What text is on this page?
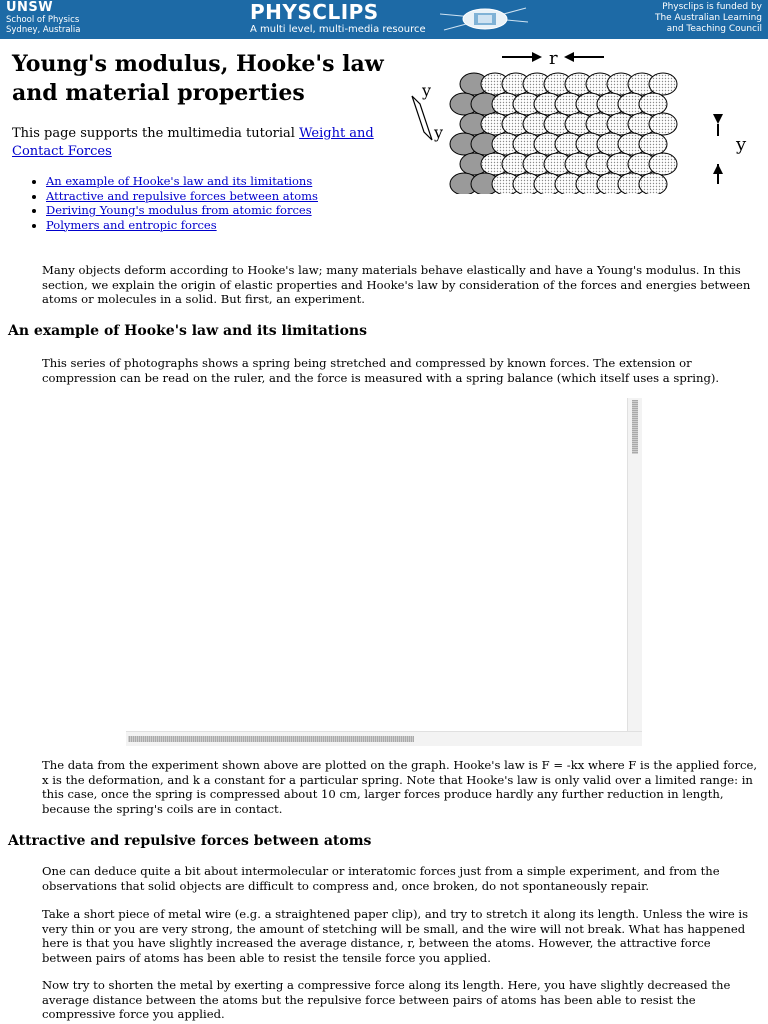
UNSW
School of Physics
Sydney, Australia
PHYSCLIPS
A multi level, multi-media resource
Physclips is funded by
The Australian Learning
and Teaching Council
Young's modulus, Hooke's law and material properties

This page supports the multimedia tutorial Weight and Contact Forces

• An example of Hooke's law and its limitations
• Attractive and repulsive forces between atoms
• Deriving Young's modulus from atomic forces
• Polymers and entropic forces
r
y
y
y

Many objects deform according to Hooke's law; many materials behave elastically and have a Young's modulus. In this section, we explain the origin of elastic properties and Hooke's law by consideration of the forces and energies between atoms or molecules in a solid. But first, an experiment.

An example of Hooke's law and its limitations

This series of photographs shows a spring being stretched and compressed by known forces. The extension or compression can be read on the ruler, and the force is measured with a spring balance (which itself uses a spring).

The data from the experiment shown above are plotted on the graph. Hooke's law is F = -kx where F is the applied force, x is the deformation, and k a constant for a particular spring. Note that Hooke's law is only valid over a limited range: in this case, once the spring is compressed about 10 cm, larger forces produce hardly any further reduction in length, because the spring's coils are in contact.

Attractive and repulsive forces between atoms

One can deduce quite a bit about intermolecular or interatomic forces just from a simple experiment, and from the observations that solid objects are difficult to compress and, once broken, do not spontaneously repair.

Take a short piece of metal wire (e.g. a straightened paper clip), and try to stretch it along its length. Unless the wire is very thin or you are very strong, the amount of stetching will be small, and the wire will not break. What has happened here is that you have slightly increased the average distance, r, between the atoms. However, the attractive force between pairs of atoms has been able to resist the tensile force you applied.

Now try to shorten the metal by exerting a compressive force along its length. Here, you have slightly decreased the average distance between the atoms but the repulsive force between pairs of atoms has been able to resist the compressive force you applied.
